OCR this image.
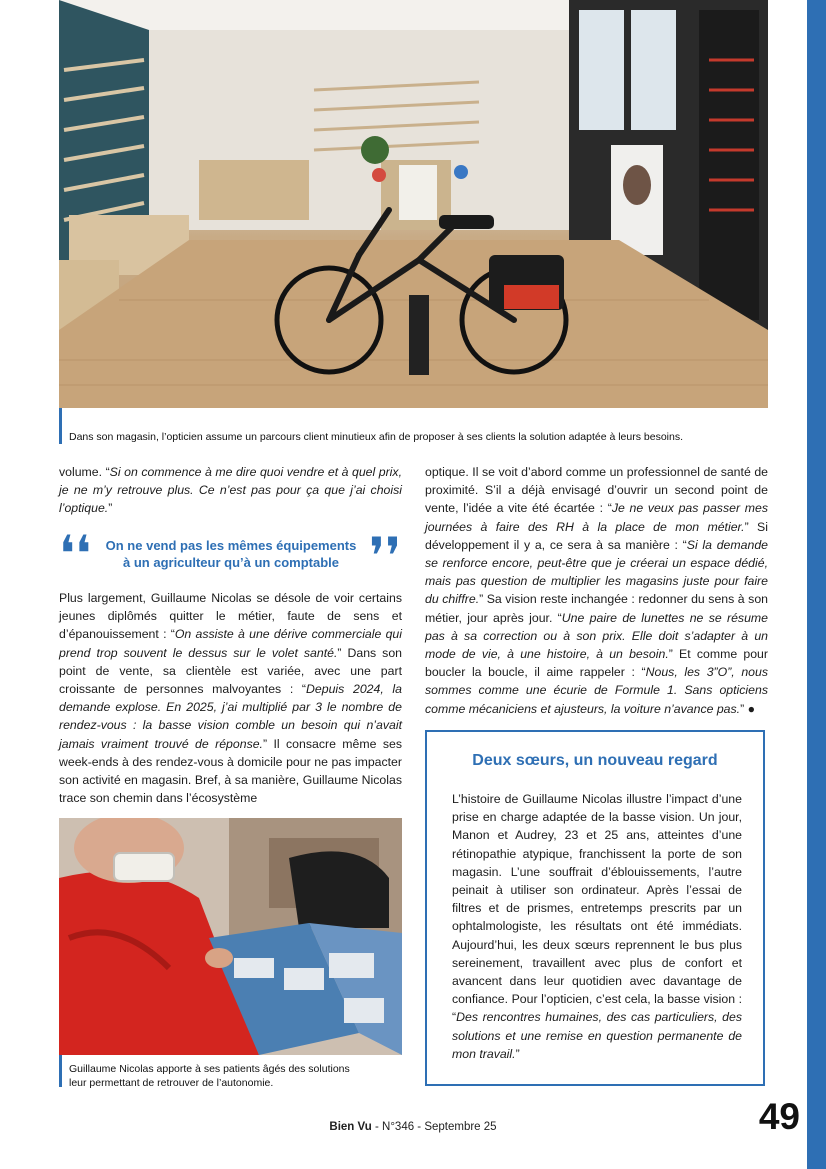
Dans son magasin, l’opticien assume un parcours client minutieux afin de proposer à ses clients la solution adaptée à leurs besoins.

volume. “Si on commence à me dire quoi vendre et à quel prix, je ne m’y retrouve plus. Ce n’est pas pour ça que j’ai choisi l’optique.”

❛❛	On ne vend pas les mêmes équipements
à un agriculteur qu’à un comptable ❜❜

Plus largement, Guillaume Nicolas se désole de voir certains jeunes diplômés quitter le métier, faute de sens et d’épanouissement : “On assiste à une dérive commerciale qui prend trop souvent le dessus sur le volet santé.” Dans son point de vente, sa clientèle est variée, avec une part croissante de personnes malvoyantes : “Depuis 2024, la demande explose. En 2025, j’ai multiplié par 3 le nombre de rendez-vous : la basse vision comble un besoin qui n’avait jamais vraiment trouvé de réponse.” Il consacre même ses week-ends à des rendez-vous à domicile pour ne pas impacter son activité en magasin. Bref, à sa manière, Guillaume Nicolas trace son chemin dans l’écosystème

Guillaume Nicolas apporte à ses patients âgés des solutions
leur permettant de retrouver de l’autonomie.

optique. Il se voit d’abord comme un professionnel de santé de proximité. S’il a déjà envisagé d’ouvrir un second point de vente, l’idée a vite été écartée : “Je ne veux pas passer mes journées à faire des RH à la place de mon métier.” Si développement il y a, ce sera à sa manière : “Si la demande se renforce encore, peut-être que je créerai un espace dédié, mais pas question de multiplier les magasins juste pour faire du chiffre.” Sa vision reste inchangée : redonner du sens à son métier, jour après jour. “Une paire de lunettes ne se résume pas à sa correction ou à son prix. Elle doit s’adapter à un mode de vie, à une histoire, à un besoin.” Et comme pour boucler la boucle, il aime rappeler : “Nous, les 3”O”, nous sommes comme une écurie de Formule 1. Sans opticiens comme mécaniciens et ajusteurs, la voiture n’avance pas.” ●

Deux sœurs, un nouveau regard

L’histoire de Guillaume Nicolas illustre l’impact d’une prise en charge adaptée de la basse vision. Un jour, Manon et Audrey, 23 et 25 ans, atteintes d’une rétinopathie atypique, franchissent la porte de son magasin. L’une souffrait d’éblouissements, l’autre peinait à utiliser son ordinateur. Après l’essai de filtres et de prismes, entretemps prescrits par un ophtalmologiste, les résultats ont été immédiats. Aujourd’hui, les deux sœurs reprennent le bus plus sereinement, travaillent avec plus de confort et avancent dans leur quotidien avec davantage de confiance. Pour l’opticien, c’est cela, la basse vision : “Des rencontres humaines, des cas particuliers, des solutions et une remise en question permanente de mon travail.”

Bien Vu - N°346 - Septembre 25	49
